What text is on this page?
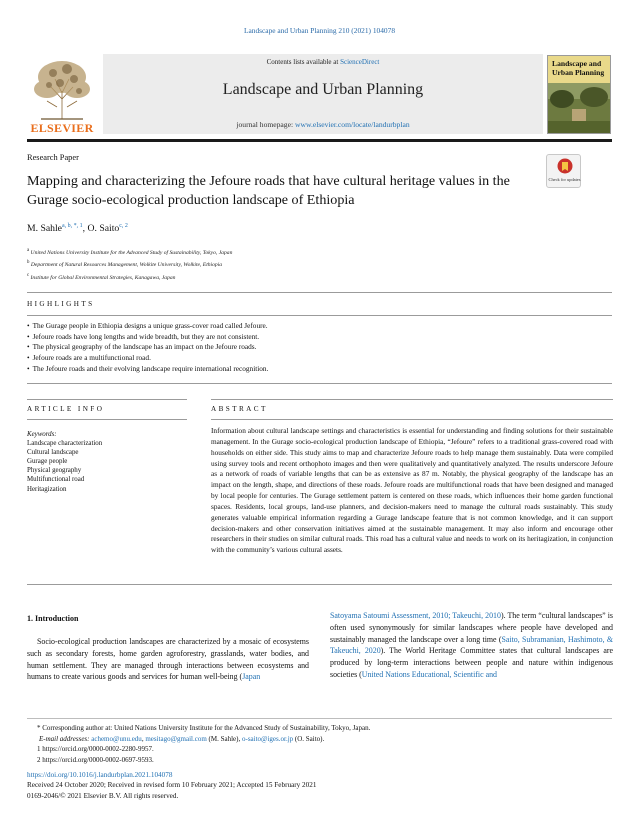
Landscape and Urban Planning 210 (2021) 104078
ELSEVIER
Contents lists available at ScienceDirect
Landscape and Urban Planning
journal homepage: www.elsevier.com/locate/landurbplan
Landscape and Urban Planning
Research Paper
Mapping and characterizing the Jefoure roads that have cultural heritage values in the Gurage socio-ecological production landscape of Ethiopia
Check for updates
M. Sahle$^{a, b, *, 1}$, O. Saito$^{c, 2}$
a United Nations University Institute for the Advanced Study of Sustainability, Tokyo, Japan
b Department of Natural Resources Management, Wolkite University, Wolkite, Ethiopia
c Institute for Global Environmental Strategies, Kanagawa, Japan
HIGHLIGHTS
• The Gurage people in Ethiopia designs a unique grass-cover road called Jefoure.
• Jefoure roads have long lengths and wide breadth, but they are not consistent.
• The physical geography of the landscape has an impact on the Jefoure roads.
• Jefoure roads are a multifunctional road.
• The Jefoure roads and their evolving landscape require international recognition.
ARTICLE INFO	ABSTRACT
Keywords:
Landscape characterization
Cultural landscape
Gurage people
Physical geography
Multifunctional road
Heritagization
Information about cultural landscape settings and characteristics is essential for understanding and finding solutions for their sustainable management. In the Gurage socio-ecological production landscape of Ethiopia, “Jefoure” refers to a traditional grass-covered road with households on either side. This study aims to map and characterize Jefoure roads to help manage them sustainably. Data were compiled using survey tools and recent orthophoto images and then were qualitatively and quantitatively analyzed. The results underscore Jefoure as a network of roads of variable lengths that can be as extensive as 87 m. Notably, the physical geography of the landscape has an impact on the length, shape, and directions of these roads. Jefoure roads are multifunctional roads that have been designed and managed by local people for centuries. The Gurage settlement pattern is centered on these roads, which influences their home garden functional spaces. Residents, local groups, land-use planners, and decision-makers need to manage the cultural roads sustainably. This study generates valuable empirical information regarding a Gurage landscape feature that is not common knowledge, and it can support decision-makers and other conservation initiatives aimed at the sustainable management. It may also inform and encourage other researchers in their studies on similar cultural roads. This road has a cultural value and needs to work on its heritagization, in conjunction with the community’s various cultural assets.
1. Introduction
Socio-ecological production landscapes are characterized by a mosaic of ecosystems such as secondary forests, home garden agroforestry, grasslands, water bodies, and human settlement. They are managed through interactions between ecosystems and humans to create various goods and services for human well-being (Japan
Satoyama Satoumi Assessment, 2010; Takeuchi, 2010). The term “cultural landscapes” is often used synonymously for similar landscapes where people have developed and sustainably managed the landscape over a long time (Saito, Subramanian, Hashimoto, & Takeuchi, 2020). The World Heritage Committee states that cultural landscapes are produced by long-term interactions between people and nature within indigenous societies (United Nations Educational, Scientific and
* Corresponding author at: United Nations University Institute for the Advanced Study of Sustainability, Tokyo, Japan.
E-mail addresses: achemo@unu.edu, mesitago@gmail.com (M. Sahle), o-saito@iges.or.jp (O. Saito).
1 https://orcid.org/0000-0002-2280-9957.
2 https://orcid.org/0000-0002-0697-9593.
https://doi.org/10.1016/j.landurbplan.2021.104078
Received 24 October 2020; Received in revised form 10 February 2021; Accepted 15 February 2021
0169-2046/© 2021 Elsevier B.V. All rights reserved.
